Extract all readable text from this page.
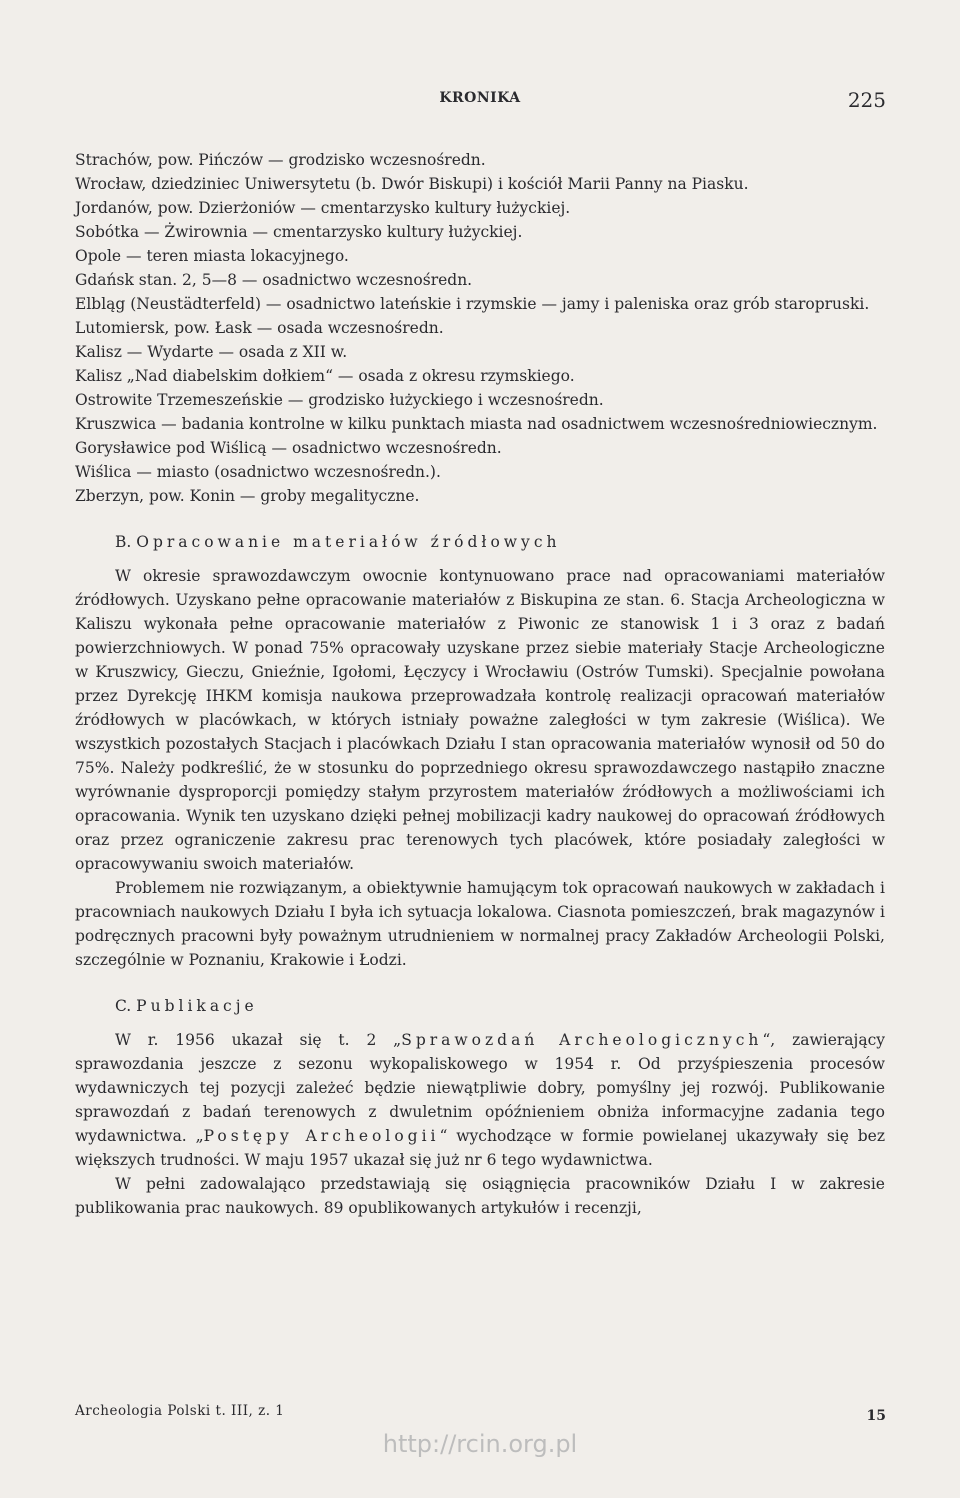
KRONIKA	225

Strachów, pow. Pińczów — grodzisko wczesnośredn.

Wrocław, dziedziniec Uniwersytetu (b. Dwór Biskupi) i kościół Marii Panny na Piasku.

Jordanów, pow. Dzierżoniów — cmentarzysko kultury łużyckiej.

Sobótka — Żwirownia — cmentarzysko kultury łużyckiej.

Opole — teren miasta lokacyjnego.

Gdańsk stan. 2, 5—8 — osadnictwo wczesnośredn.

Elbląg (Neustädterfeld) — osadnictwo lateńskie i rzymskie — jamy i paleniska oraz grób staropruski.

Lutomiersk, pow. Łask — osada wczesnośredn.

Kalisz — Wydarte — osada z XII w.

Kalisz „Nad diabelskim dołkiem“ — osada z okresu rzymskiego.

Ostrowite Trzemeszeńskie — grodzisko łużyckiego i wczesnośredn.

Kruszwica — badania kontrolne w kilku punktach miasta nad osadnictwem wczesnośredniowiecznym.

Gorysławice pod Wiślicą — osadnictwo wczesnośredn.

Wiślica — miasto (osadnictwo wczesnośredn.).

Zberzyn, pow. Konin — groby megalityczne.

B. Opracowanie materiałów źródłowych

W okresie sprawozdawczym owocnie kontynuowano prace nad opracowaniami materiałów źródłowych. Uzyskano pełne opracowanie materiałów z Biskupina ze stan. 6. Stacja Archeologiczna w Kaliszu wykonała pełne opracowanie materiałów z Piwonic ze stanowisk 1 i 3 oraz z badań powierzchniowych. W ponad 75% opracowały uzyskane przez siebie materiały Stacje Archeologiczne w Kruszwicy, Gieczu, Gnieźnie, Igołomi, Łęczycy i Wrocławiu (Ostrów Tumski). Specjalnie powołana przez Dyrekcję IHKM komisja naukowa przeprowadzała kontrolę realizacji opracowań materiałów źródłowych w placówkach, w których istniały poważne zaległości w tym zakresie (Wiślica). We wszystkich pozostałych Stacjach i placówkach Działu I stan opracowania materiałów wynosił od 50 do 75%. Należy podkreślić, że w stosunku do poprzedniego okresu sprawozdawczego nastąpiło znaczne wyrównanie dysproporcji pomiędzy stałym przyrostem materiałów źródłowych a możliwościami ich opracowania. Wynik ten uzyskano dzięki pełnej mobilizacji kadry naukowej do opracowań źródłowych oraz przez ograniczenie zakresu prac terenowych tych placówek, które posiadały zaległości w opracowywaniu swoich materiałów.

Problemem nie rozwiązanym, a obiektywnie hamującym tok opracowań naukowych w zakładach i pracowniach naukowych Działu I była ich sytuacja lokalowa. Ciasnota pomieszczeń, brak magazynów i podręcznych pracowni były poważnym utrudnieniem w normalnej pracy Zakładów Archeologii Polski, szczególnie w Poznaniu, Krakowie i Łodzi.

C. Publikacje

W r. 1956 ukazał się t. 2 „Sprawozdań Archeologicznych“, zawierający sprawozdania jeszcze z sezonu wykopaliskowego w 1954 r. Od przyśpieszenia procesów wydawniczych tej pozycji zależeć będzie niewątpliwie dobry, pomyślny jej rozwój. Publikowanie sprawozdań z badań terenowych z dwuletnim opóźnieniem obniża informacyjne zadania tego wydawnictwa. „Postępy Archeologii“ wychodzące w formie powielanej ukazywały się bez większych trudności. W maju 1957 ukazał się już nr 6 tego wydawnictwa.

W pełni zadowalająco przedstawiają się osiągnięcia pracowników Działu I w zakresie publikowania prac naukowych. 89 opublikowanych artykułów i recenzji,

Archeologia Polski t. III, z. 1	15
http://rcin.org.pl
